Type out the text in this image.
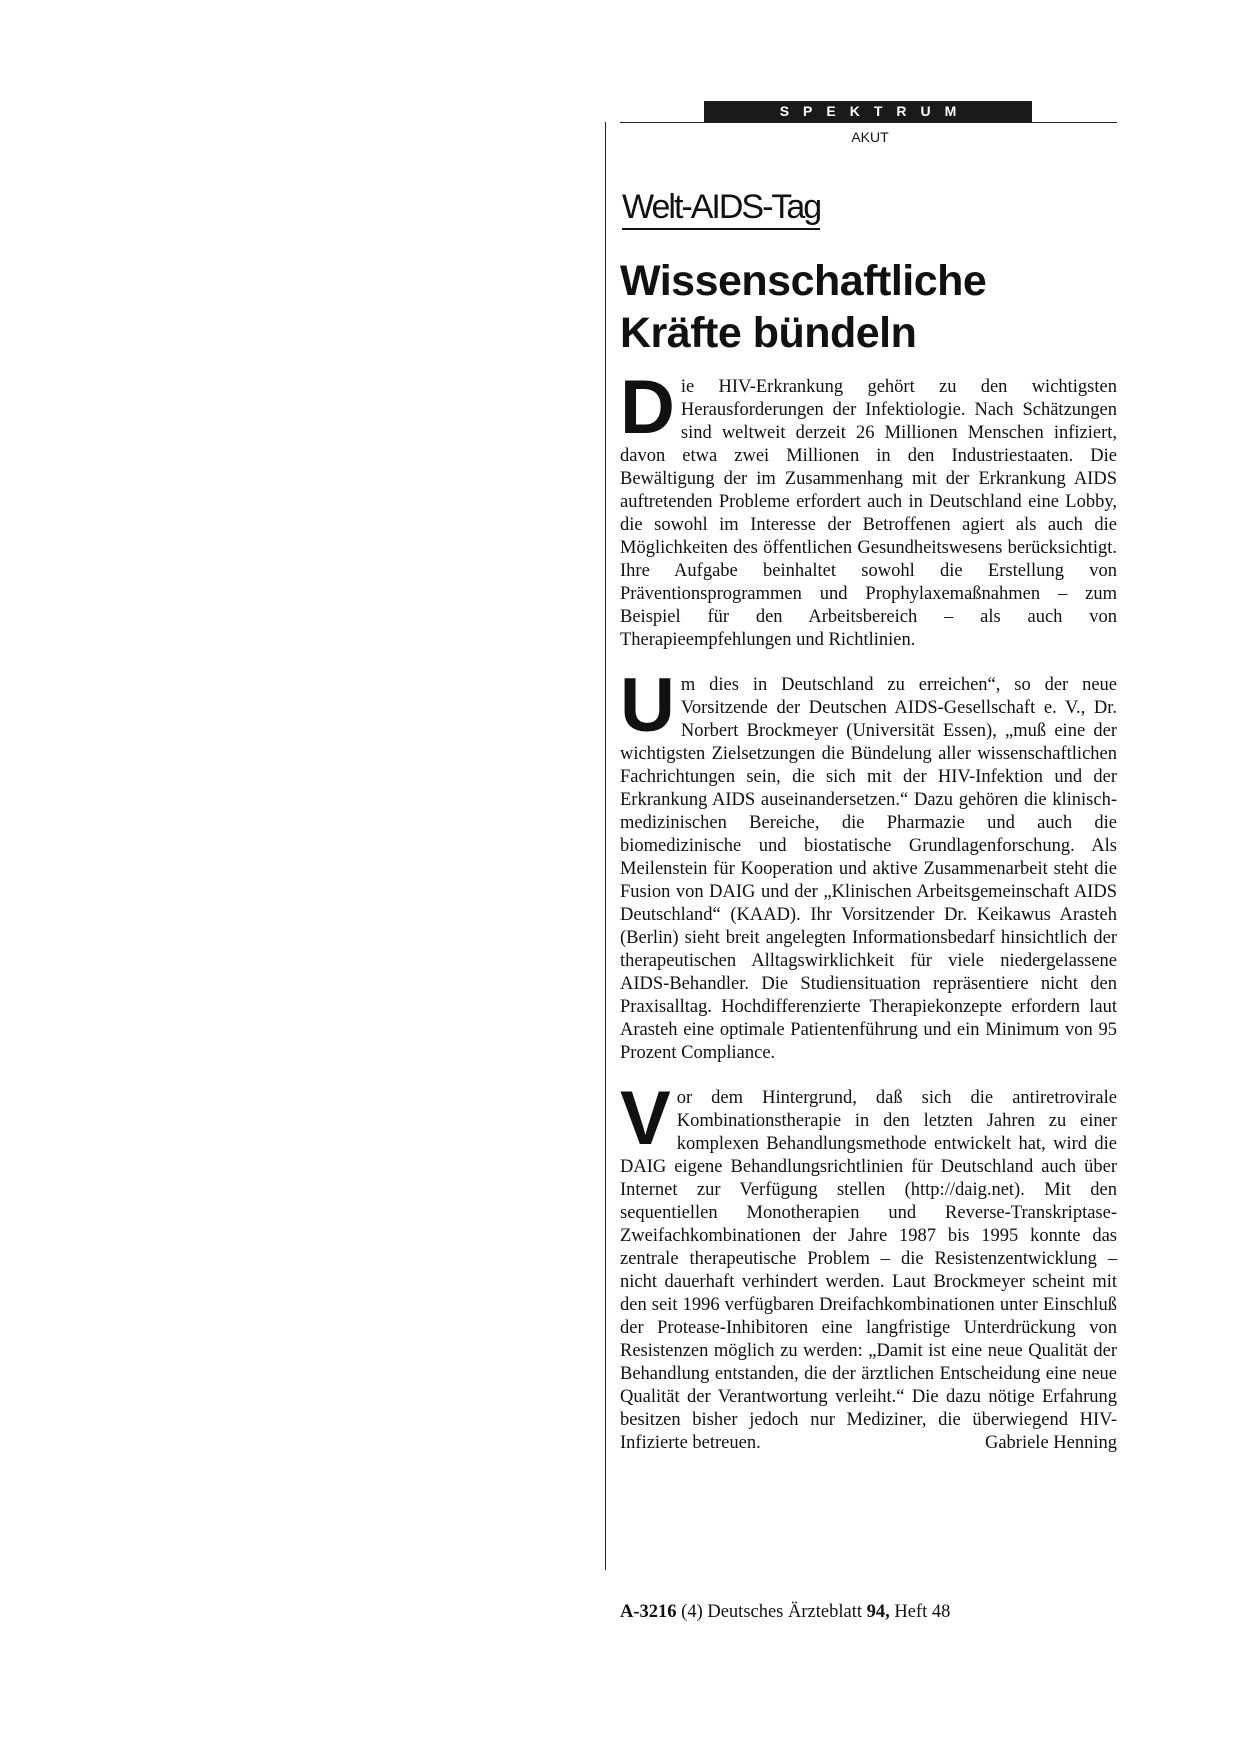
SPEKTRUM
AKUT
Welt-AIDS-Tag
Wissenschaftliche
Kräfte bündeln

D ie HIV-Erkrankung gehört zu den wichtigsten Herausforderungen der Infektiologie. Nach Schätzungen sind weltweit derzeit 26 Millionen Menschen infiziert, davon etwa zwei Millionen in den Industriestaaten. Die Bewältigung der im Zusammenhang mit der Erkrankung AIDS auftretenden Probleme erfordert auch in Deutschland eine Lobby, die sowohl im Interesse der Betroffenen agiert als auch die Möglichkeiten des öffentlichen Gesundheitswesens berücksichtigt. Ihre Aufgabe beinhaltet sowohl die Erstellung von Präventionsprogrammen und Prophylaxemaßnahmen – zum Beispiel für den Arbeitsbereich – als auch von Therapieempfehlungen und Richtlinien.

U m dies in Deutschland zu erreichen“, so der neue Vorsitzende der Deutschen AIDS-Gesellschaft e. V., Dr. Norbert Brockmeyer (Universität Essen), „muß eine der wichtigsten Zielsetzungen die Bündelung aller wissenschaftlichen Fachrichtungen sein, die sich mit der HIV-Infektion und der Erkrankung AIDS auseinandersetzen.“ Dazu gehören die klinisch-medizinischen Bereiche, die Pharmazie und auch die biomedizinische und biostatische Grundlagenforschung. Als Meilenstein für Kooperation und aktive Zusammenarbeit steht die Fusion von DAIG und der „Klinischen Arbeitsgemeinschaft AIDS Deutschland“ (KAAD). Ihr Vorsitzender Dr. Keikawus Arasteh (Berlin) sieht breit angelegten Informationsbedarf hinsichtlich der therapeutischen Alltagswirklichkeit für viele niedergelassene AIDS-Behandler. Die Studiensituation repräsentiere nicht den Praxisalltag. Hochdifferenzierte Therapiekonzepte erfordern laut Arasteh eine optimale Patientenführung und ein Minimum von 95 Prozent Compliance.

V or dem Hintergrund, daß sich die antiretrovirale Kombinationstherapie in den letzten Jahren zu einer komplexen Behandlungsmethode entwickelt hat, wird die DAIG eigene Behandlungsrichtlinien für Deutschland auch über Internet zur Verfügung stellen (http://daig.net). Mit den sequentiellen Monotherapien und Reverse-Transkriptase-Zweifachkombinationen der Jahre 1987 bis 1995 konnte das zentrale therapeutische Problem – die Resistenzentwicklung – nicht dauerhaft verhindert werden. Laut Brockmeyer scheint mit den seit 1996 verfügbaren Dreifachkombinationen unter Einschluß der Protease-Inhibitoren eine langfristige Unterdrückung von Resistenzen möglich zu werden: „Damit ist eine neue Qualität der Behandlung entstanden, die der ärztlichen Entscheidung eine neue Qualität der Verantwortung verleiht.“ Die dazu nötige Erfahrung besitzen bisher jedoch nur Mediziner, die überwiegend HIV-Infizierte betreuen.	Gabriele Henning
A-3216 (4) Deutsches Ärzteblatt 94, Heft 48
